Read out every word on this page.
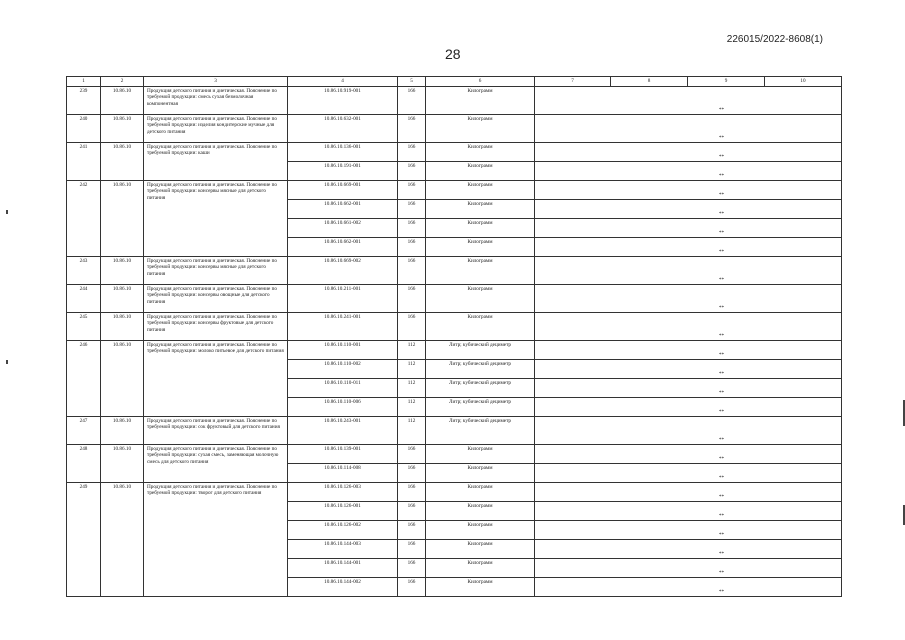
226015/2022-8608(1)
28
1	2	3	4	5	6	7	8	9	10
239	10.86.10	Продукция детского питания и диетическая. Пояснение по требуемой продукции: смесь сухая безмолочная компонентная	10.86.10.919-001	166	Килограмм	**			
240	10.86.10	Продукция детского питания и диетическая. Пояснение по требуемой продукции: изделия кондитерские мучные для детского питания	10.86.10.632-001	166	Килограмм	**			
241	10.86.10	Продукция детского питания и диетическая. Пояснение по требуемой продукции: каши	10.86.10.136-001	166	Килограмм	**			
			10.86.10.191-001	166	Килограмм	**			
242	10.86.10	Продукция детского питания и диетическая. Пояснение по требуемой продукции: консервы мясные для детского питания	10.86.10.669-001	166	Килограмм	**			
			10.86.10.662-001	166	Килограмм	**			
			10.86.10.661-002	166	Килограмм	**			
			10.86.10.662-001	166	Килограмм	**			
243	10.86.10	Продукция детского питания и диетическая. Пояснение по требуемой продукции: консервы мясные для детского питания	10.86.10.669-002	166	Килограмм	**			
244	10.86.10	Продукция детского питания и диетическая. Пояснение по требуемой продукции: консервы овощные для детского питания	10.86.10.211-001	166	Килограмм	**			
245	10.86.10	Продукция детского питания и диетическая. Пояснение по требуемой продукции: консервы фруктовые для детского питания	10.86.10.241-001	166	Килограмм	**			
246	10.86.10	Продукция детского питания и диетическая. Пояснение по требуемой продукции: молоко питьевое для детского питания	10.86.10.110-001	112	Литр; кубический дециметр	**			
			10.86.10.110-002	112	Литр; кубический дециметр	**			
			10.86.10.110-011	112	Литр; кубический дециметр	**			
			10.86.10.110-006	112	Литр; кубический дециметр	**			
247	10.86.10	Продукция детского питания и диетическая. Пояснение по требуемой продукции: сок фруктовый для детского питания	10.86.10.243-001	112	Литр; кубический дециметр	**			
248	10.86.10	Продукция детского питания и диетическая. Пояснение по требуемой продукции: сухая смесь, заменяющая молочную смесь для детского питания	10.86.10.139-001	166	Килограмм	**			
			10.86.10.114-008	166	Килограмм	**			
249	10.86.10	Продукция детского питания и диетическая. Пояснение по требуемой продукции: творог для детского питания	10.86.10.126-003	166	Килограмм	**			
			10.86.10.126-001	166	Килограмм	**			
			10.86.10.126-002	166	Килограмм	**			
			10.86.10.144-003	166	Килограмм	**			
			10.86.10.144-001	166	Килограмм	**			
			10.86.10.144-002	166	Килограмм	**			
